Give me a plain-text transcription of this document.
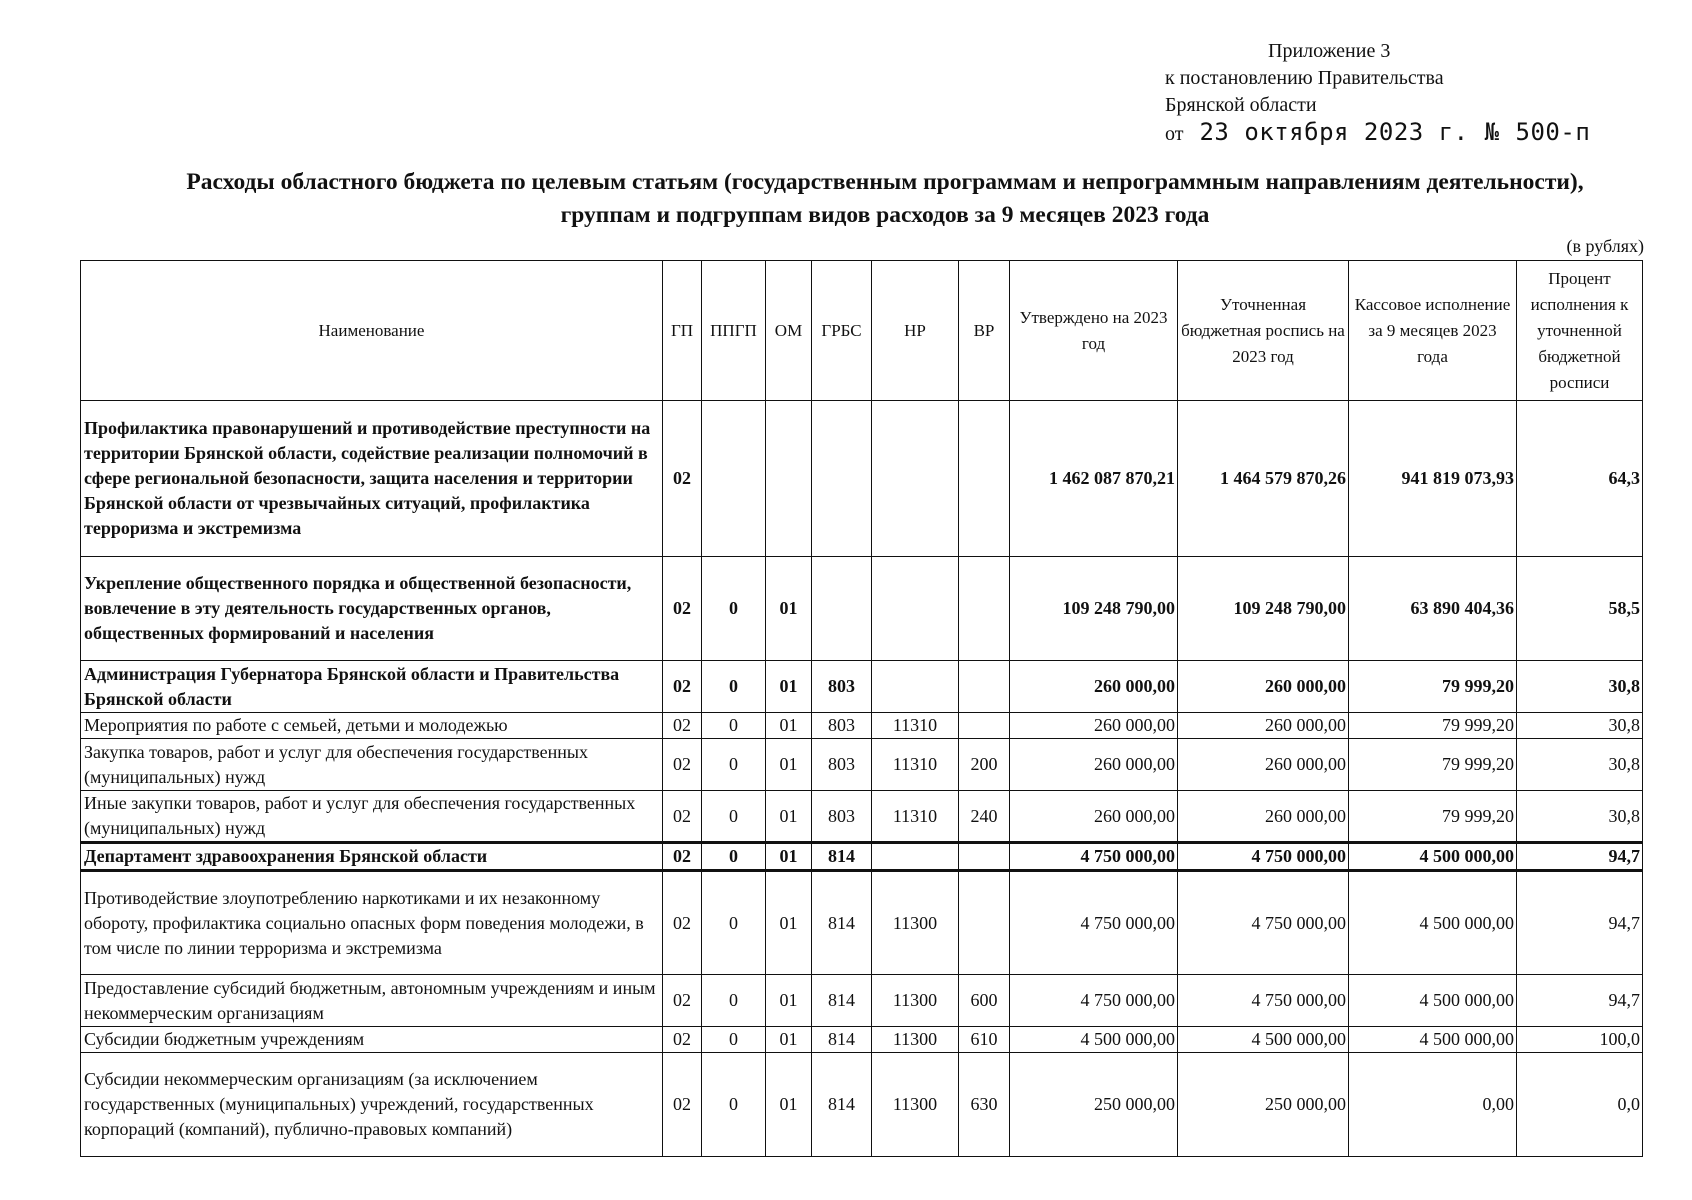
Приложение 3
к постановлению Правительства
Брянской области
от 23 октября 2023 г. № 500-п
Расходы областного бюджета по целевым статьям (государственным программам и непрограммным направлениям деятельности),
группам и подгруппам видов расходов за 9 месяцев 2023 года
(в рублях)
Наименование	ГП	ППГП	ОМ	ГРБС	НР	ВР	Утверждено на 2023 год	Уточненная бюджетная роспись на 2023 год	Кассовое исполнение за 9 месяцев 2023 года	Процент исполнения к уточненной бюджетной росписи
Профилактика правонарушений и противодействие преступности на территории Брянской области, содействие реализации полномочий в сфере региональной безопасности, защита населения и территории Брянской области от чрезвычайных ситуаций, профилактика терроризма и экстремизма	02						1 462 087 870,21	1 464 579 870,26	941 819 073,93	64,3
Укрепление общественного порядка и общественной безопасности, вовлечение в эту деятельность государственных органов, общественных формирований и населения	02	0	01				109 248 790,00	109 248 790,00	63 890 404,36	58,5
Администрация Губернатора Брянской области и Правительства Брянской области	02	0	01	803			260 000,00	260 000,00	79 999,20	30,8
Мероприятия по работе с семьей, детьми и молодежью	02	0	01	803	11310		260 000,00	260 000,00	79 999,20	30,8
Закупка товаров, работ и услуг для обеспечения государственных (муниципальных) нужд	02	0	01	803	11310	200	260 000,00	260 000,00	79 999,20	30,8
Иные закупки товаров, работ и услуг для обеспечения государственных (муниципальных) нужд	02	0	01	803	11310	240	260 000,00	260 000,00	79 999,20	30,8
Департамент здравоохранения Брянской области	02	0	01	814			4 750 000,00	4 750 000,00	4 500 000,00	94,7
Противодействие злоупотреблению наркотиками и их незаконному обороту, профилактика социально опасных форм поведения молодежи, в том числе по линии терроризма и экстремизма	02	0	01	814	11300		4 750 000,00	4 750 000,00	4 500 000,00	94,7
Предоставление субсидий бюджетным, автономным учреждениям и иным некоммерческим организациям	02	0	01	814	11300	600	4 750 000,00	4 750 000,00	4 500 000,00	94,7
Субсидии бюджетным учреждениям	02	0	01	814	11300	610	4 500 000,00	4 500 000,00	4 500 000,00	100,0
Субсидии некоммерческим организациям (за исключением государственных (муниципальных) учреждений, государственных корпораций (компаний), публично-правовых компаний)	02	0	01	814	11300	630	250 000,00	250 000,00	0,00	0,0
